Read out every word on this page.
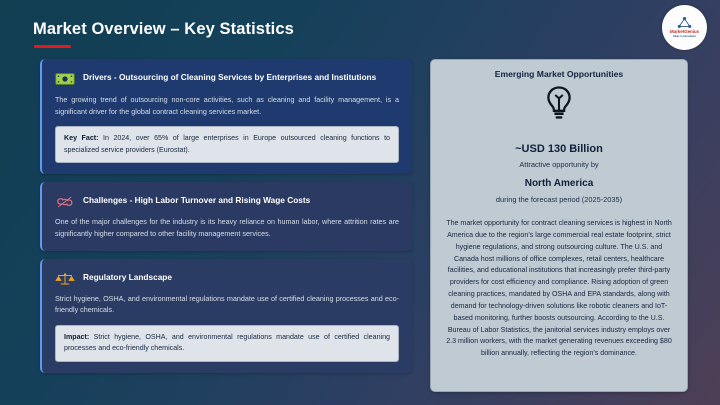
Market Overview – Key Statistics	MarketGenius
Ideas to Innovation
Drivers - Outsourcing of Cleaning Services by Enterprises and Institutions
The growing trend of outsourcing non-core activities, such as cleaning and facility management, is a significant driver for the global contract cleaning services market.
Key Fact: In 2024, over 65% of large enterprises in Europe outsourced cleaning functions to specialized service providers (Eurostat).
Challenges - High Labor Turnover and Rising Wage Costs
One of the major challenges for the industry is its heavy reliance on human labor, where attrition rates are significantly higher compared to other facility management services.
Regulatory Landscape
Strict hygiene, OSHA, and environmental regulations mandate use of certified cleaning processes and eco-friendly chemicals.
Impact: Strict hygiene, OSHA, and environmental regulations mandate use of certified cleaning processes and eco-friendly chemicals.
Emerging Market Opportunities
~USD 130 Billion
Attractive opportunity by
North America
during the forecast period (2025-2035)
The market opportunity for contract cleaning services is highest in North America due to the region’s large commercial real estate footprint, strict hygiene regulations, and strong outsourcing culture. The U.S. and Canada host millions of office complexes, retail centers, healthcare facilities, and educational institutions that increasingly prefer third-party providers for cost efficiency and compliance. Rising adoption of green cleaning practices, mandated by OSHA and EPA standards, along with demand for technology-driven solutions like robotic cleaners and IoT-based monitoring, further boosts outsourcing. According to the U.S. Bureau of Labor Statistics, the janitorial services industry employs over 2.3 million workers, with the market generating revenues exceeding $80 billion annually, reflecting the region’s dominance.
